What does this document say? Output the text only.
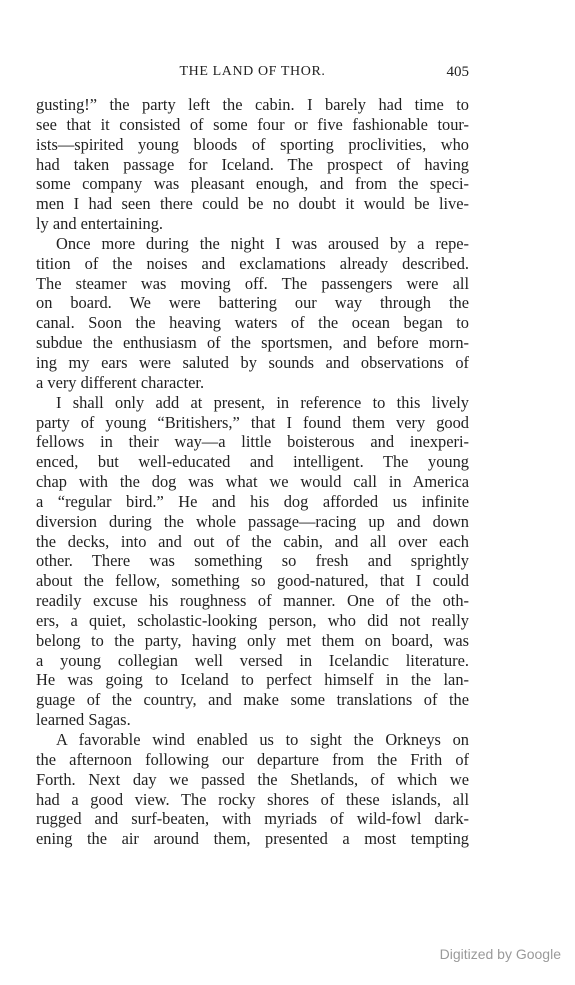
THE LAND OF THOR.	405
gusting!” the party left the cabin. I barely had time to
see that it consisted of some four or five fashionable tour-
ists—spirited young bloods of sporting proclivities, who
had taken passage for Iceland. The prospect of having
some company was pleasant enough, and from the speci-
men I had seen there could be no doubt it would be live-
ly and entertaining.
Once more during the night I was aroused by a repe-
tition of the noises and exclamations already described.
The steamer was moving off. The passengers were all
on board. We were battering our way through the
canal. Soon the heaving waters of the ocean began to
subdue the enthusiasm of the sportsmen, and before morn-
ing my ears were saluted by sounds and observations of
a very different character.
I shall only add at present, in reference to this lively
party of young “Britishers,” that I found them very good
fellows in their way—a little boisterous and inexperi-
enced, but well-educated and intelligent. The young
chap with the dog was what we would call in America
a “regular bird.” He and his dog afforded us infinite
diversion during the whole passage—racing up and down
the decks, into and out of the cabin, and all over each
other. There was something so fresh and sprightly
about the fellow, something so good-natured, that I could
readily excuse his roughness of manner. One of the oth-
ers, a quiet, scholastic-looking person, who did not really
belong to the party, having only met them on board, was
a young collegian well versed in Icelandic literature.
He was going to Iceland to perfect himself in the lan-
guage of the country, and make some translations of the
learned Sagas.
A favorable wind enabled us to sight the Orkneys on
the afternoon following our departure from the Frith of
Forth. Next day we passed the Shetlands, of which we
had a good view. The rocky shores of these islands, all
rugged and surf-beaten, with myriads of wild-fowl dark-
ening the air around them, presented a most tempting
Digitized by Google
